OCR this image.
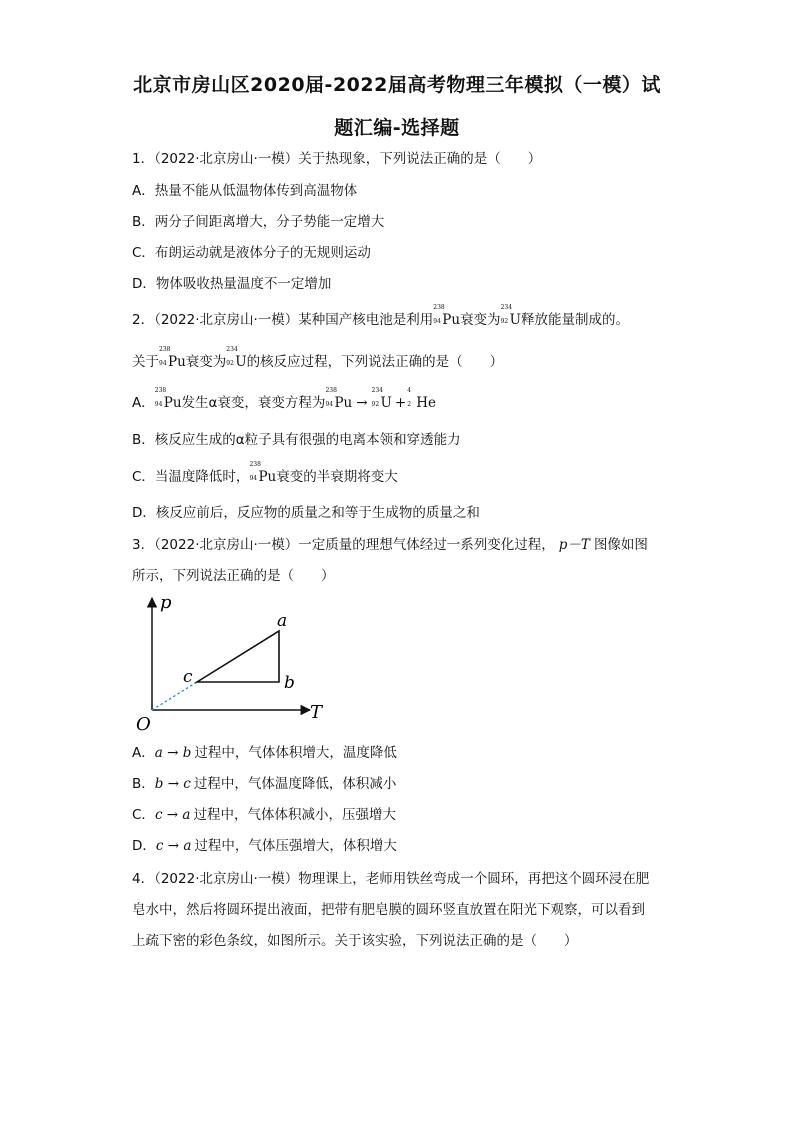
北京市房山区2020届-2022届高考物理三年模拟（一模）试
题汇编-选择题
1．（2022·北京房山·一模）关于热现象，下列说法正确的是（　　）
A．热量不能从低温物体传到高温物体
B．两分子间距离增大，分子势能一定增大
C．布朗运动就是液体分子的无规则运动
D．物体吸收热量温度不一定增加
2．（2022·北京房山·一模）某种国产核电池是利用
238
94 Pu衰变为
234
92 U释放能量制成的。
关于
238
94 Pu衰变为
234
92 U的核反应过程，下列说法正确的是（　　）
A．
238
94 Pu发生α衰变，衰变方程为
238
94 Pu →
234
92 U +
4
2 He
B．核反应生成的α粒子具有很强的电离本领和穿透能力
C．当温度降低时，
238
94 Pu衰变的半衰期将变大
D．核反应前后，反应物的质量之和等于生成物的质量之和
3．（2022·北京房山·一模）一定质量的理想气体经过一系列变化过程， p－T 图像如图
所示，下列说法正确的是（　　）
p
T
O
a
b
c
A．a → b 过程中，气体体积增大，温度降低
B．b → c 过程中，气体温度降低，体积减小
C．c → a 过程中，气体体积减小，压强增大
D．c → a 过程中，气体压强增大，体积增大
4．（2022·北京房山·一模）物理课上，老师用铁丝弯成一个圆环，再把这个圆环浸在肥
皂水中，然后将圆环提出液面，把带有肥皂膜的圆环竖直放置在阳光下观察，可以看到
上疏下密的彩色条纹，如图所示。关于该实验，下列说法正确的是（　　）
